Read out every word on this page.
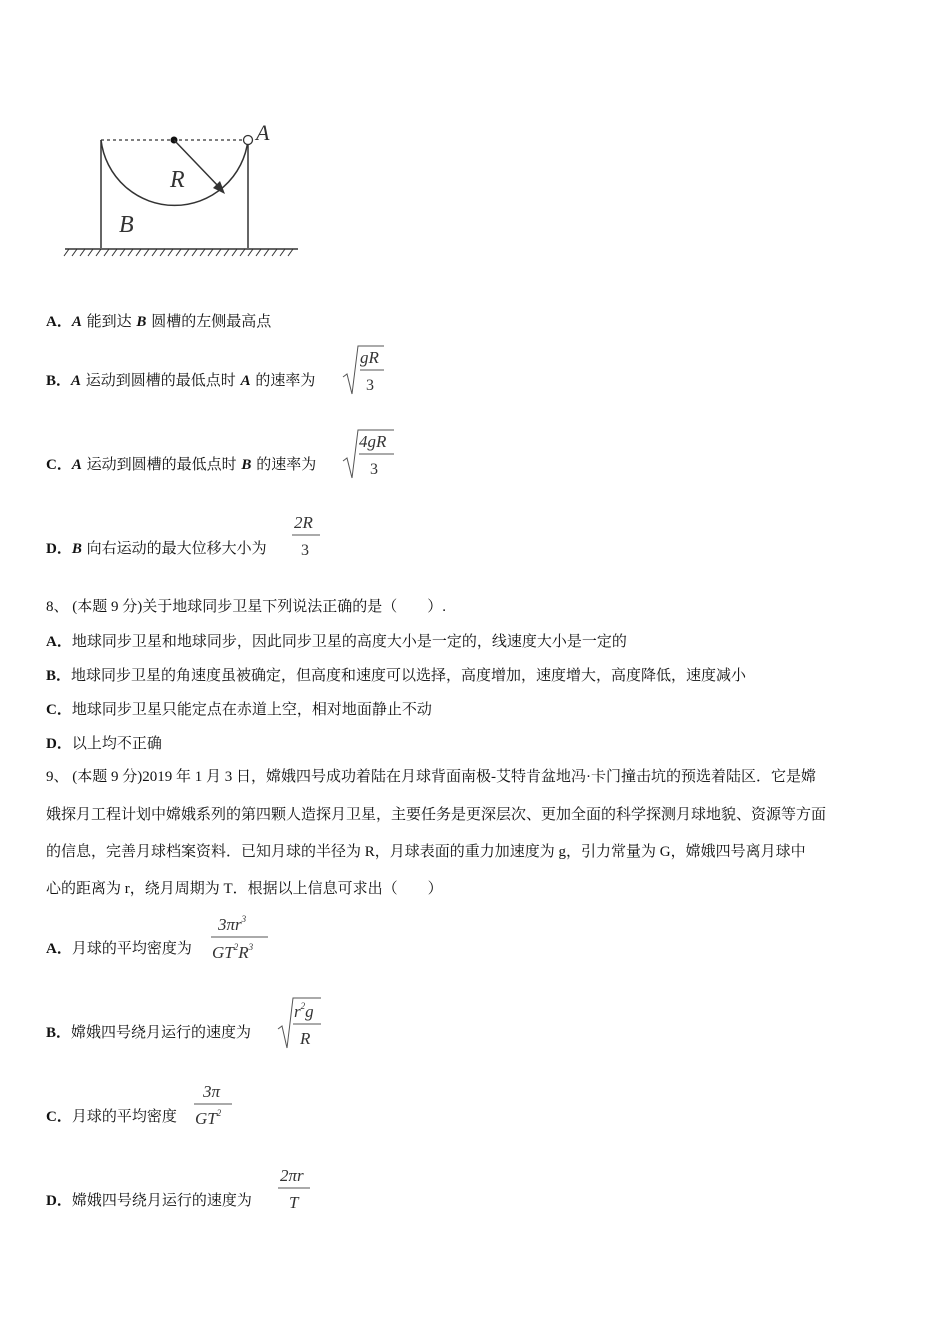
A
R
B
A．A 能到达 B 圆槽的左侧最高点
B．A 运动到圆槽的最低点时 A 的速率为
gR
3
C．A 运动到圆槽的最低点时 B 的速率为
4gR
3
D．B 向右运动的最大位移大小为
2R
3
8、 (本题 9 分)关于地球同步卫星下列说法正确的是（　　）.
A．地球同步卫星和地球同步，因此同步卫星的高度大小是一定的，线速度大小是一定的
B．地球同步卫星的角速度虽被确定，但高度和速度可以选择，高度增加，速度增大，高度降低，速度减小
C．地球同步卫星只能定点在赤道上空，相对地面静止不动
D．以上均不正确
9、 (本题 9 分)2019 年 1 月 3 日，嫦娥四号成功着陆在月球背面南极-艾特肯盆地冯·卡门撞击坑的预选着陆区．它是嫦
娥探月工程计划中嫦娥系列的第四颗人造探月卫星，主要任务是更深层次、更加全面的科学探测月球地貌、资源等方面
的信息，完善月球档案资料．已知月球的半径为 R，月球表面的重力加速度为 g，引力常量为 G，嫦娥四号离月球中
心的距离为 r，绕月周期为 T．根据以上信息可求出（　　）
A．月球的平均密度为
$3\pi r^3$
$GT^2R^3$
B．嫦娥四号绕月运行的速度为
$r^2g$
R
C．月球的平均密度
3π
$GT^2$
D．嫦娥四号绕月运行的速度为
2πr
T
